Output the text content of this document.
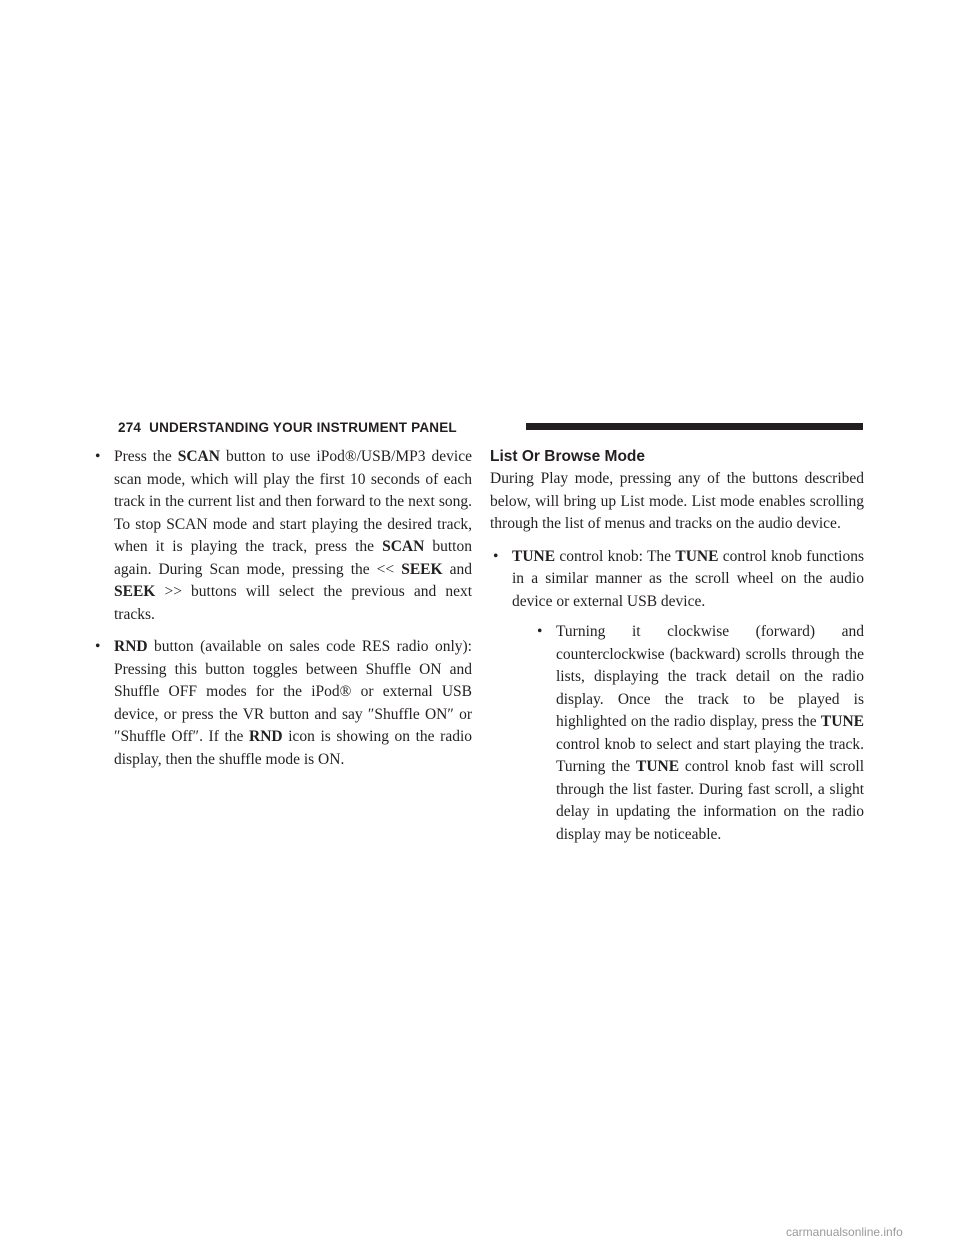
274 UNDERSTANDING YOUR INSTRUMENT PANEL
• Press the SCAN button to use iPod®/USB/MP3 device scan mode, which will play the first 10 seconds of each track in the current list and then forward to the next song. To stop SCAN mode and start playing the desired track, when it is playing the track, press the SCAN button again. During Scan mode, pressing the << SEEK and SEEK >> buttons will select the previous and next tracks.
• RND button (available on sales code RES radio only): Pressing this button toggles between Shuffle ON and Shuffle OFF modes for the iPod® or external USB device, or press the VR button and say ″Shuffle ON″ or ″Shuffle Off″. If the RND icon is showing on the radio display, then the shuffle mode is ON.
List Or Browse Mode

During Play mode, pressing any of the buttons described below, will bring up List mode. List mode enables scrolling through the list of menus and tracks on the audio device.

• TUNE control knob: The TUNE control knob functions in a similar manner as the scroll wheel on the audio device or external USB device.
• Turning it clockwise (forward) and counterclockwise (backward) scrolls through the lists, displaying the track detail on the radio display. Once the track to be played is highlighted on the radio display, press the TUNE control knob to select and start playing the track. Turning the TUNE control knob fast will scroll through the list faster. During fast scroll, a slight delay in updating the information on the radio display may be noticeable.
carmanualsonline.info
